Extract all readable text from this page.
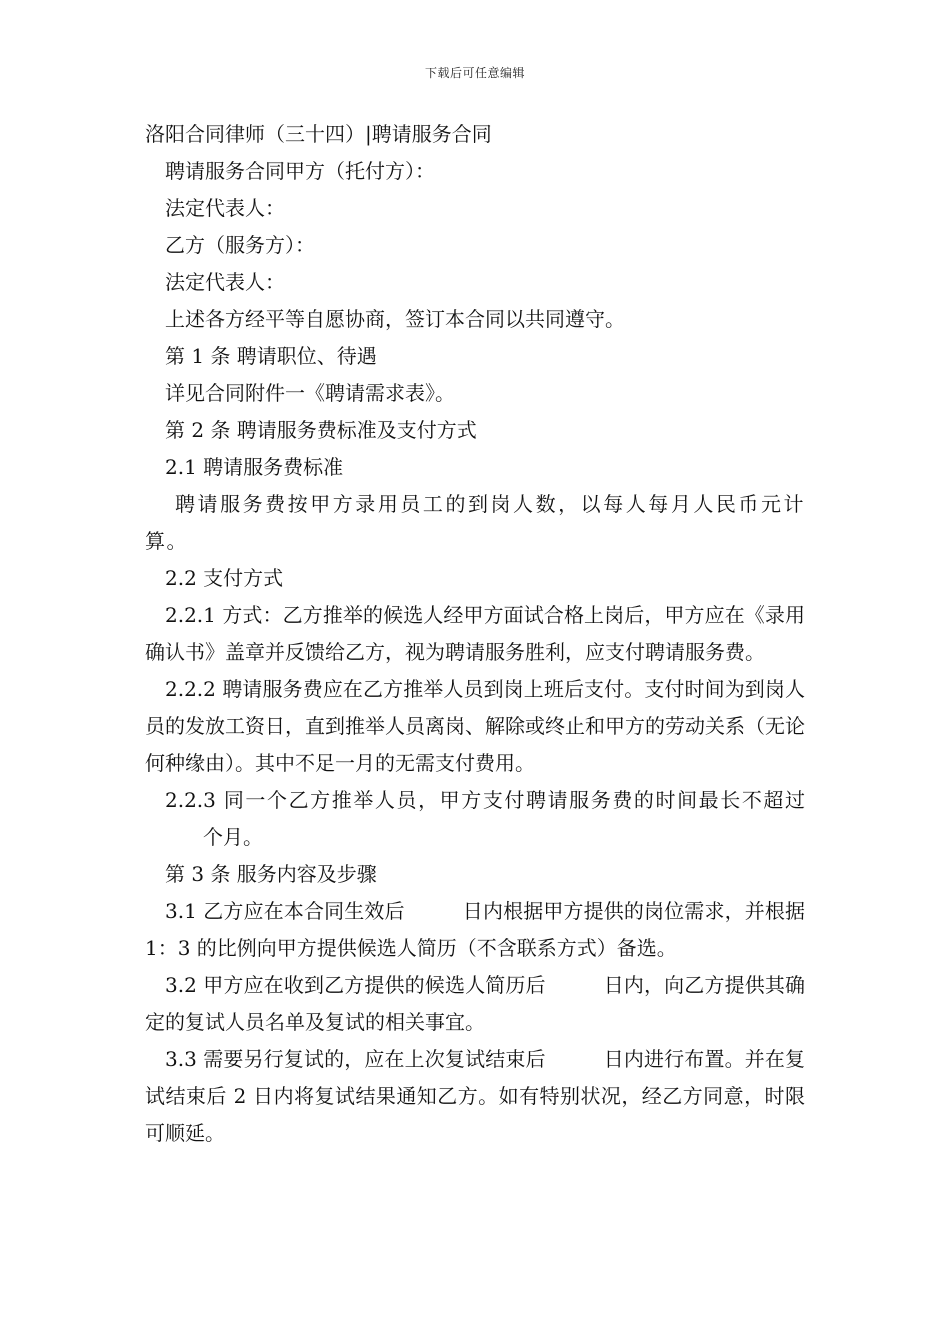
下载后可任意编辑
洛阳合同律师（三十四）|聘请服务合同

聘请服务合同甲方（托付方）：

法定代表人：

乙方（服务方）：

法定代表人：

上述各方经平等自愿协商，签订本合同以共同遵守。

第 1 条 聘请职位、待遇

详见合同附件一《聘请需求表》。

第 2 条 聘请服务费标准及支付方式

2.1 聘请服务费标准

聘请服务费按甲方录用员工的到岗人数，以每人每月人民币元计算。

2.2 支付方式

2.2.1 方式：乙方推举的候选人经甲方面试合格上岗后，甲方应在《录用确认书》盖章并反馈给乙方，视为聘请服务胜利，应支付聘请服务费。

2.2.2 聘请服务费应在乙方推举人员到岗上班后支付。支付时间为到岗人员的发放工资日，直到推举人员离岗、解除或终止和甲方的劳动关系（无论何种缘由）。其中不足一月的无需支付费用。

2.2.3 同一个乙方推举人员，甲方支付聘请服务费的时间最长不超过个月。

第 3 条 服务内容及步骤

3.1 乙方应在本合同生效后	日内根据甲方提供的岗位需求，并根据 1：3 的比例向甲方提供候选人简历（不含联系方式）备选。

3.2 甲方应在收到乙方提供的候选人简历后	日内，向乙方提供其确定的复试人员名单及复试的相关事宜。

3.3 需要另行复试的，应在上次复试结束后	日内进行布置。并在复试结束后 2 日内将复试结果通知乙方。如有特别状况，经乙方同意，时限可顺延。
